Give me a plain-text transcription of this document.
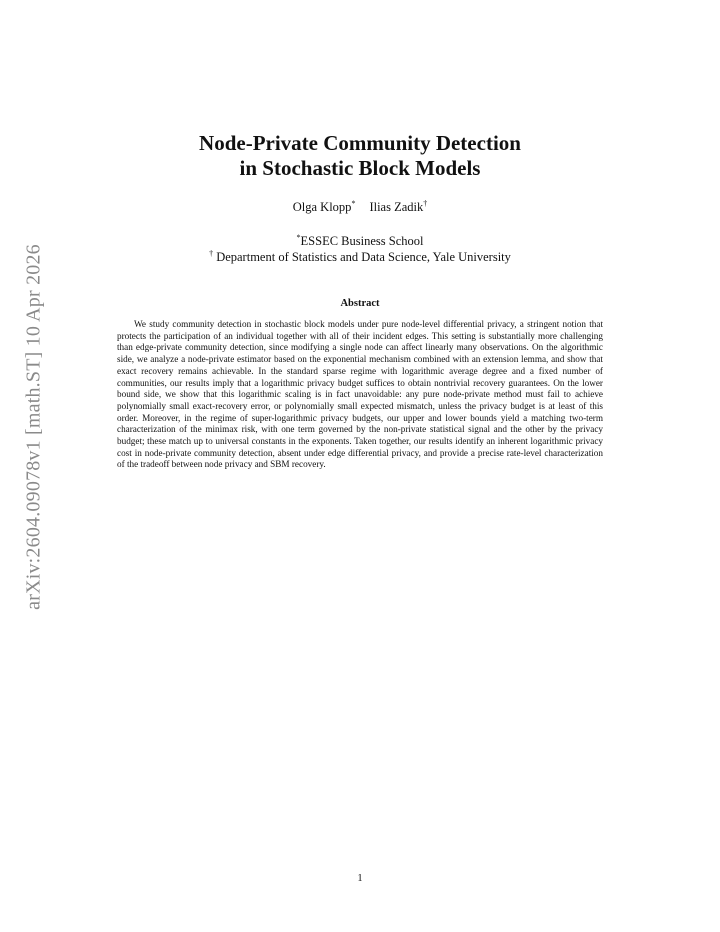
arXiv:2604.09078v1 [math.ST] 10 Apr 2026
Node-Private Community Detection
in Stochastic Block Models
Olga Klopp* Ilias Zadik†
*ESSEC Business School
† Department of Statistics and Data Science, Yale University
Abstract

We study community detection in stochastic block models under pure node-level differential privacy, a stringent notion that protects the participation of an individual together with all of their incident edges. This setting is substantially more challenging than edge-private community detection, since modifying a single node can affect linearly many observations. On the algorithmic side, we analyze a node-private estimator based on the exponential mechanism combined with an extension lemma, and show that exact recovery remains achievable. In the standard sparse regime with logarithmic average degree and a fixed number of communities, our results imply that a logarithmic privacy budget suffices to obtain nontrivial recovery guarantees. On the lower bound side, we show that this logarithmic scaling is in fact unavoidable: any pure node-private method must fail to achieve polynomially small exact-recovery error, or polynomially small expected mismatch, unless the privacy budget is at least of this order. Moreover, in the regime of super-logarithmic privacy budgets, our upper and lower bounds yield a matching two-term characterization of the minimax risk, with one term governed by the non-private statistical signal and the other by the privacy budget; these match up to universal constants in the exponents. Taken together, our results identify an inherent logarithmic privacy cost in node-private community detection, absent under edge differential privacy, and provide a precise rate-level characterization of the tradeoff between node privacy and SBM recovery.

1
